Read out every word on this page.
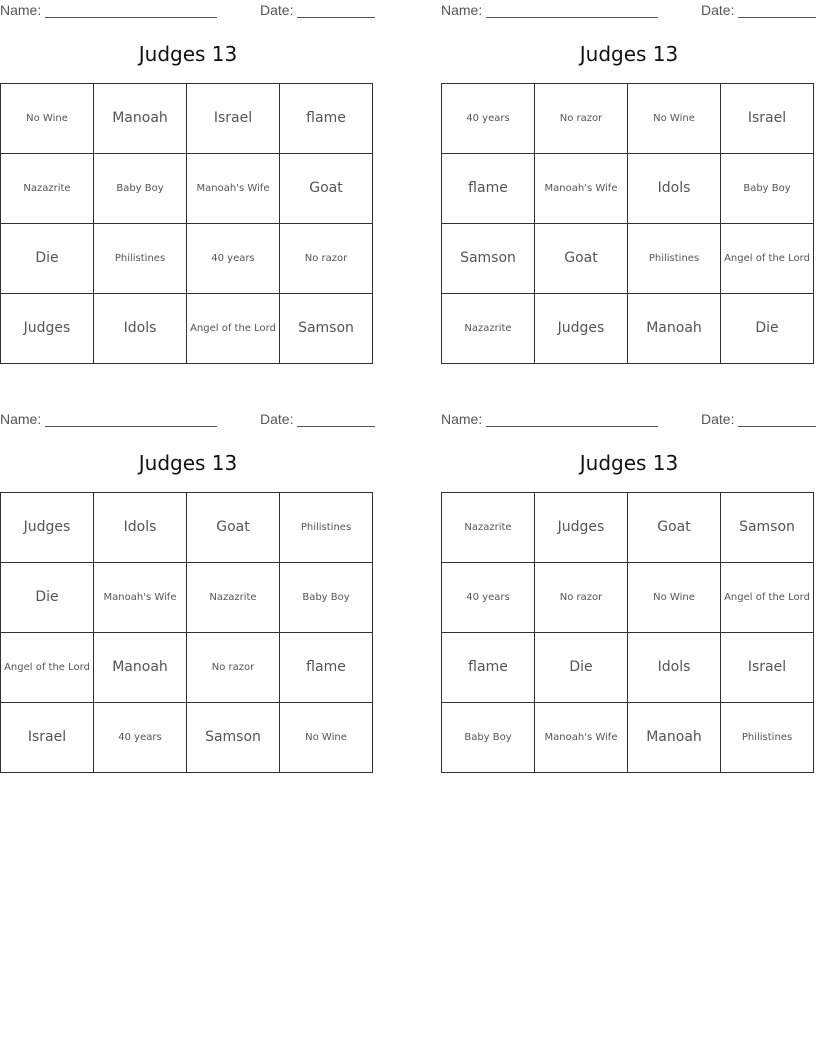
Name:	Date:
Judges 13
No Wine	Manoah	Israel	flame
Nazazrite	Baby Boy	Manoah's Wife	Goat
Die	Philistines	40 years	No razor
Judges	Idols	Angel of the Lord	Samson
Name:	Date:
Judges 13
40 years	No razor	No Wine	Israel
flame	Manoah's Wife	Idols	Baby Boy
Samson	Goat	Philistines	Angel of the Lord
Nazazrite	Judges	Manoah	Die
Name:	Date:
Judges 13
Judges	Idols	Goat	Philistines
Die	Manoah's Wife	Nazazrite	Baby Boy
Angel of the Lord	Manoah	No razor	flame
Israel	40 years	Samson	No Wine
Name:	Date:
Judges 13
Nazazrite	Judges	Goat	Samson
40 years	No razor	No Wine	Angel of the Lord
flame	Die	Idols	Israel
Baby Boy	Manoah's Wife	Manoah	Philistines
